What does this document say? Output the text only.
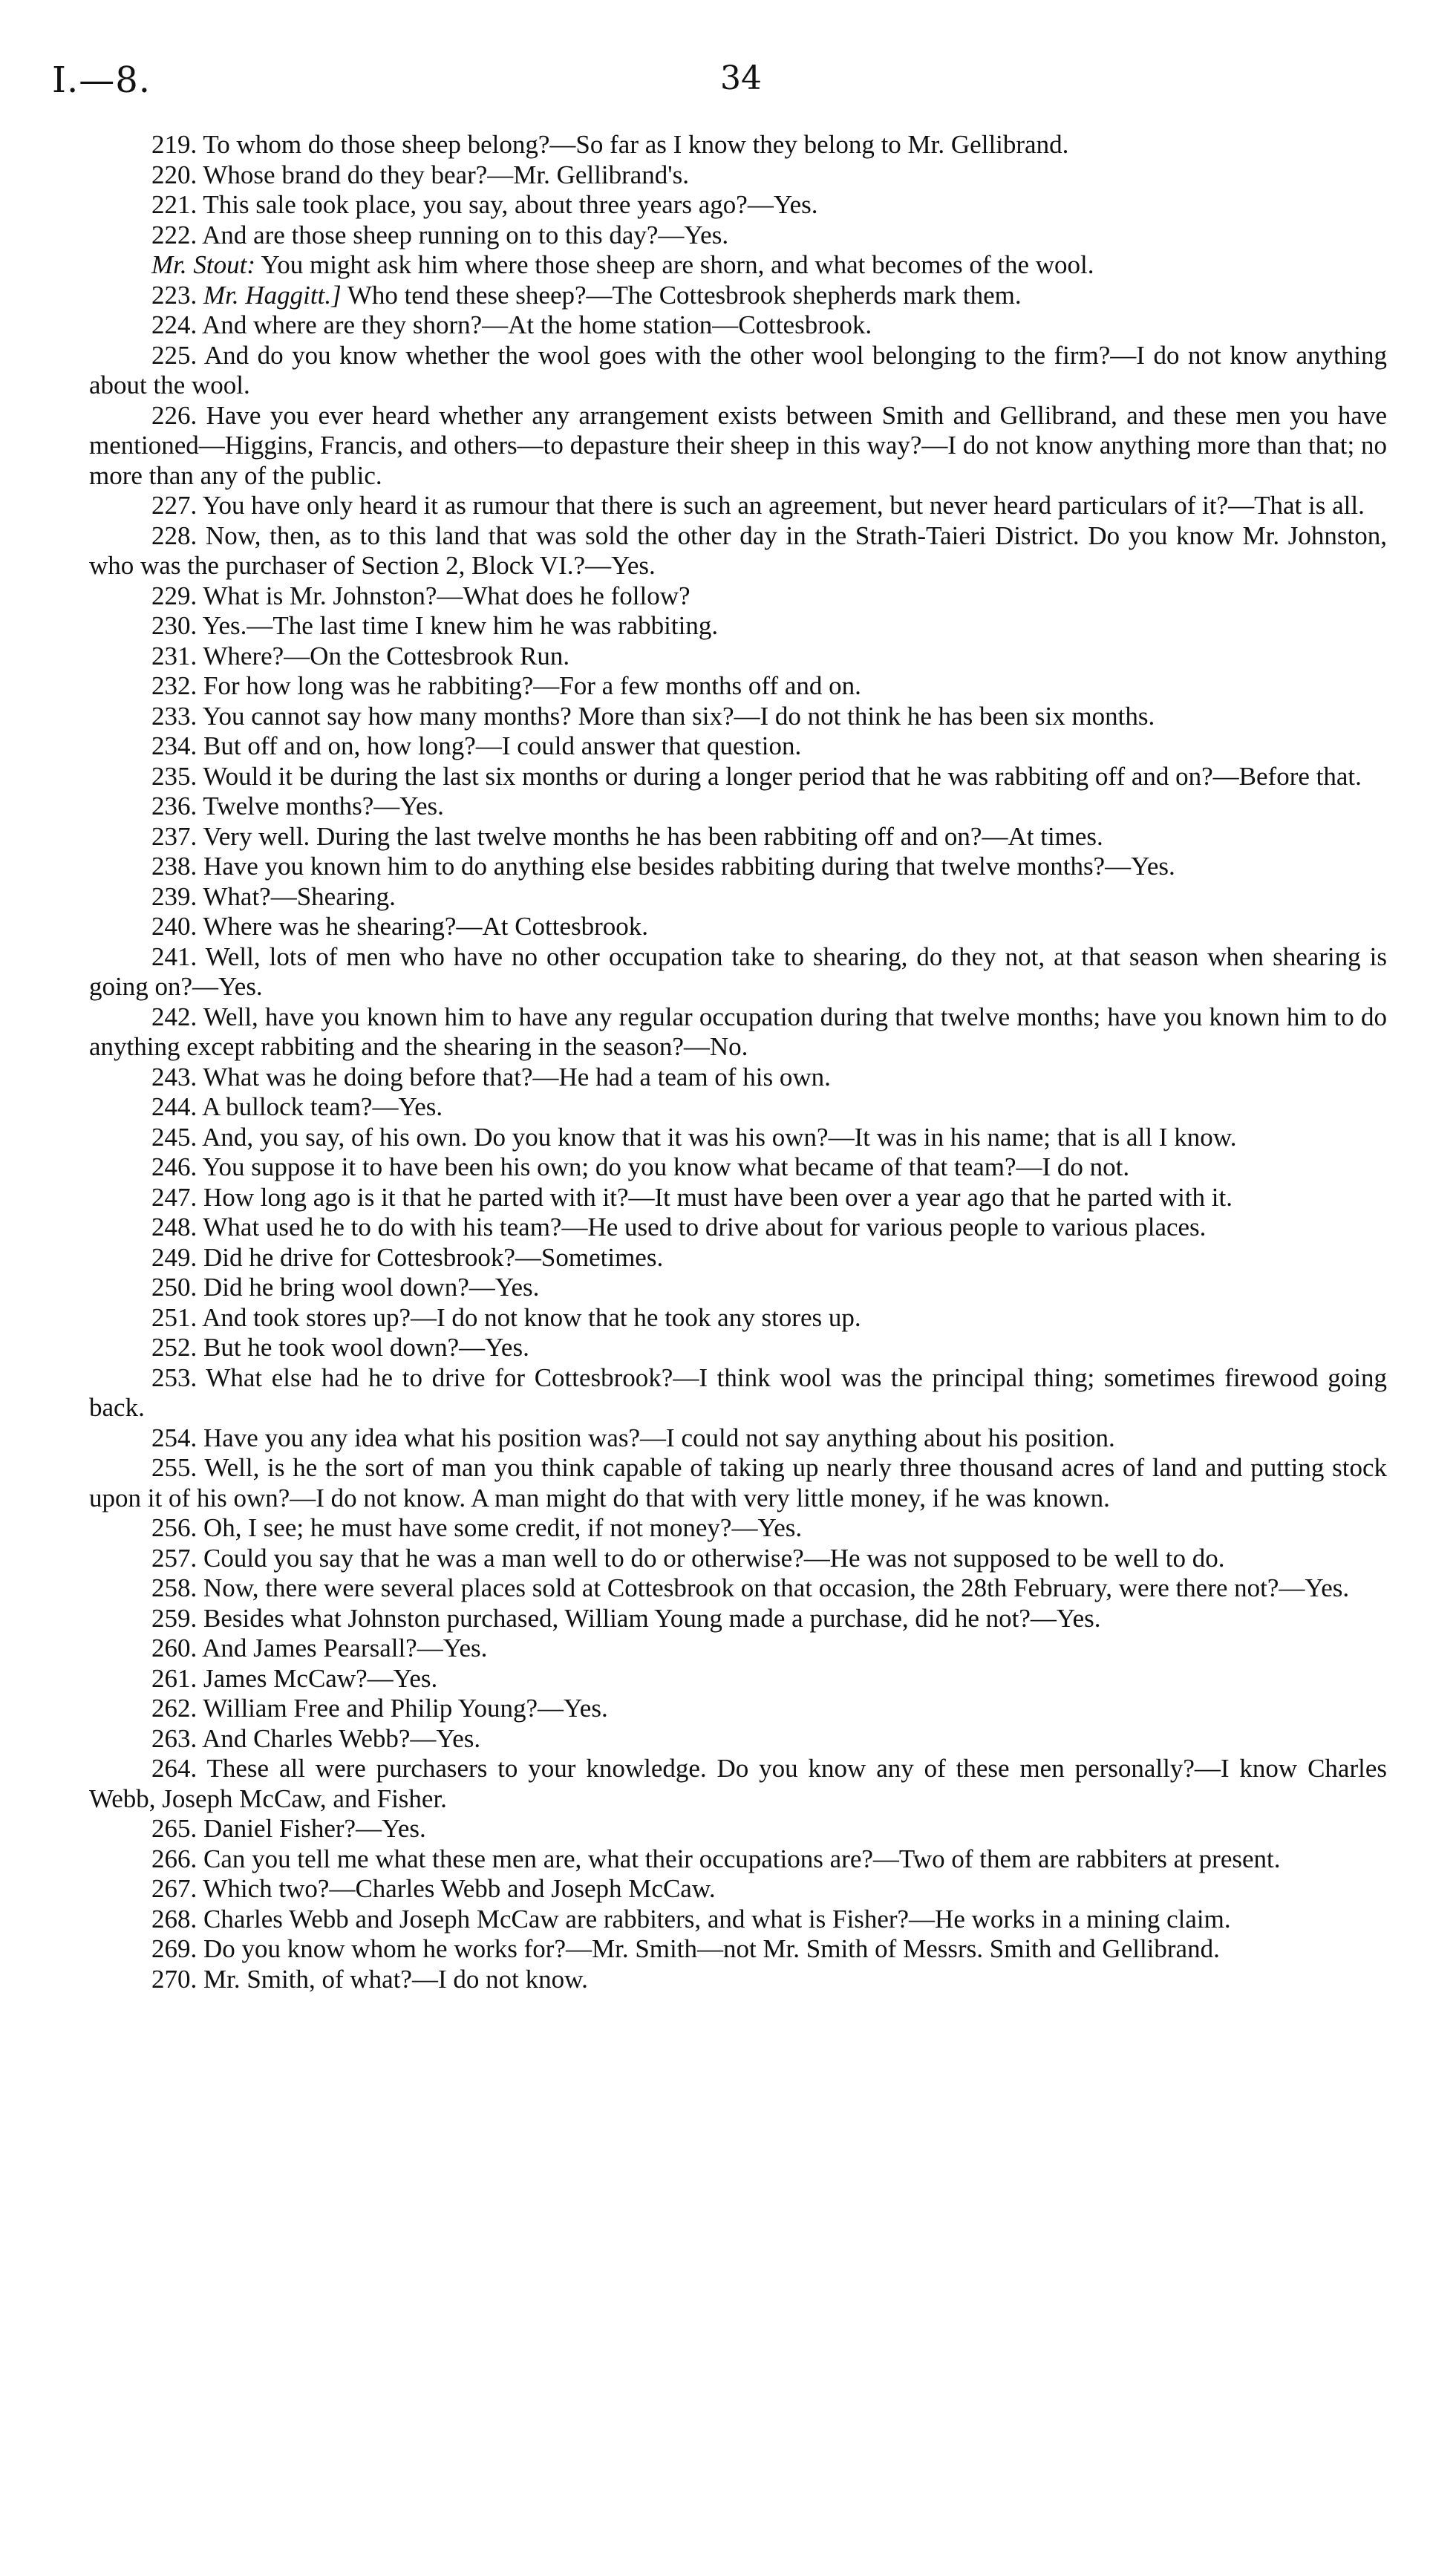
I.—8.	34

219. To whom do those sheep belong?—So far as I know they belong to Mr. Gellibrand.

220. Whose brand do they bear?—Mr. Gellibrand's.

221. This sale took place, you say, about three years ago?—Yes.

222. And are those sheep running on to this day?—Yes.

Mr. Stout: You might ask him where those sheep are shorn, and what becomes of the wool.

223. Mr. Haggitt.] Who tend these sheep?—The Cottesbrook shepherds mark them.

224. And where are they shorn?—At the home station—Cottesbrook.

225. And do you know whether the wool goes with the other wool belonging to the firm?—I do not know anything about the wool.

226. Have you ever heard whether any arrangement exists between Smith and Gellibrand, and these men you have mentioned—Higgins, Francis, and others—to depasture their sheep in this way?—I do not know anything more than that; no more than any of the public.

227. You have only heard it as rumour that there is such an agreement, but never heard particulars of it?—That is all.

228. Now, then, as to this land that was sold the other day in the Strath-Taieri District. Do you know Mr. Johnston, who was the purchaser of Section 2, Block VI.?—Yes.

229. What is Mr. Johnston?—What does he follow?

230. Yes.—The last time I knew him he was rabbiting.

231. Where?—On the Cottesbrook Run.

232. For how long was he rabbiting?—For a few months off and on.

233. You cannot say how many months? More than six?—I do not think he has been six months.

234. But off and on, how long?—I could answer that question.

235. Would it be during the last six months or during a longer period that he was rabbiting off and on?—Before that.

236. Twelve months?—Yes.

237. Very well. During the last twelve months he has been rabbiting off and on?—At times.

238. Have you known him to do anything else besides rabbiting during that twelve months?—Yes.

239. What?—Shearing.

240. Where was he shearing?—At Cottesbrook.

241. Well, lots of men who have no other occupation take to shearing, do they not, at that season when shearing is going on?—Yes.

242. Well, have you known him to have any regular occupation during that twelve months; have you known him to do anything except rabbiting and the shearing in the season?—No.

243. What was he doing before that?—He had a team of his own.

244. A bullock team?—Yes.

245. And, you say, of his own. Do you know that it was his own?—It was in his name; that is all I know.

246. You suppose it to have been his own; do you know what became of that team?—I do not.

247. How long ago is it that he parted with it?—It must have been over a year ago that he parted with it.

248. What used he to do with his team?—He used to drive about for various people to various places.

249. Did he drive for Cottesbrook?—Sometimes.

250. Did he bring wool down?—Yes.

251. And took stores up?—I do not know that he took any stores up.

252. But he took wool down?—Yes.

253. What else had he to drive for Cottesbrook?—I think wool was the principal thing; sometimes firewood going back.

254. Have you any idea what his position was?—I could not say anything about his position.

255. Well, is he the sort of man you think capable of taking up nearly three thousand acres of land and putting stock upon it of his own?—I do not know. A man might do that with very little money, if he was known.

256. Oh, I see; he must have some credit, if not money?—Yes.

257. Could you say that he was a man well to do or otherwise?—He was not supposed to be well to do.

258. Now, there were several places sold at Cottesbrook on that occasion, the 28th February, were there not?—Yes.

259. Besides what Johnston purchased, William Young made a purchase, did he not?—Yes.

260. And James Pearsall?—Yes.

261. James McCaw?—Yes.

262. William Free and Philip Young?—Yes.

263. And Charles Webb?—Yes.

264. These all were purchasers to your knowledge. Do you know any of these men personally?—I know Charles Webb, Joseph McCaw, and Fisher.

265. Daniel Fisher?—Yes.

266. Can you tell me what these men are, what their occupations are?—Two of them are rabbiters at present.

267. Which two?—Charles Webb and Joseph McCaw.

268. Charles Webb and Joseph McCaw are rabbiters, and what is Fisher?—He works in a mining claim.

269. Do you know whom he works for?—Mr. Smith—not Mr. Smith of Messrs. Smith and Gellibrand.

270. Mr. Smith, of what?—I do not know.
